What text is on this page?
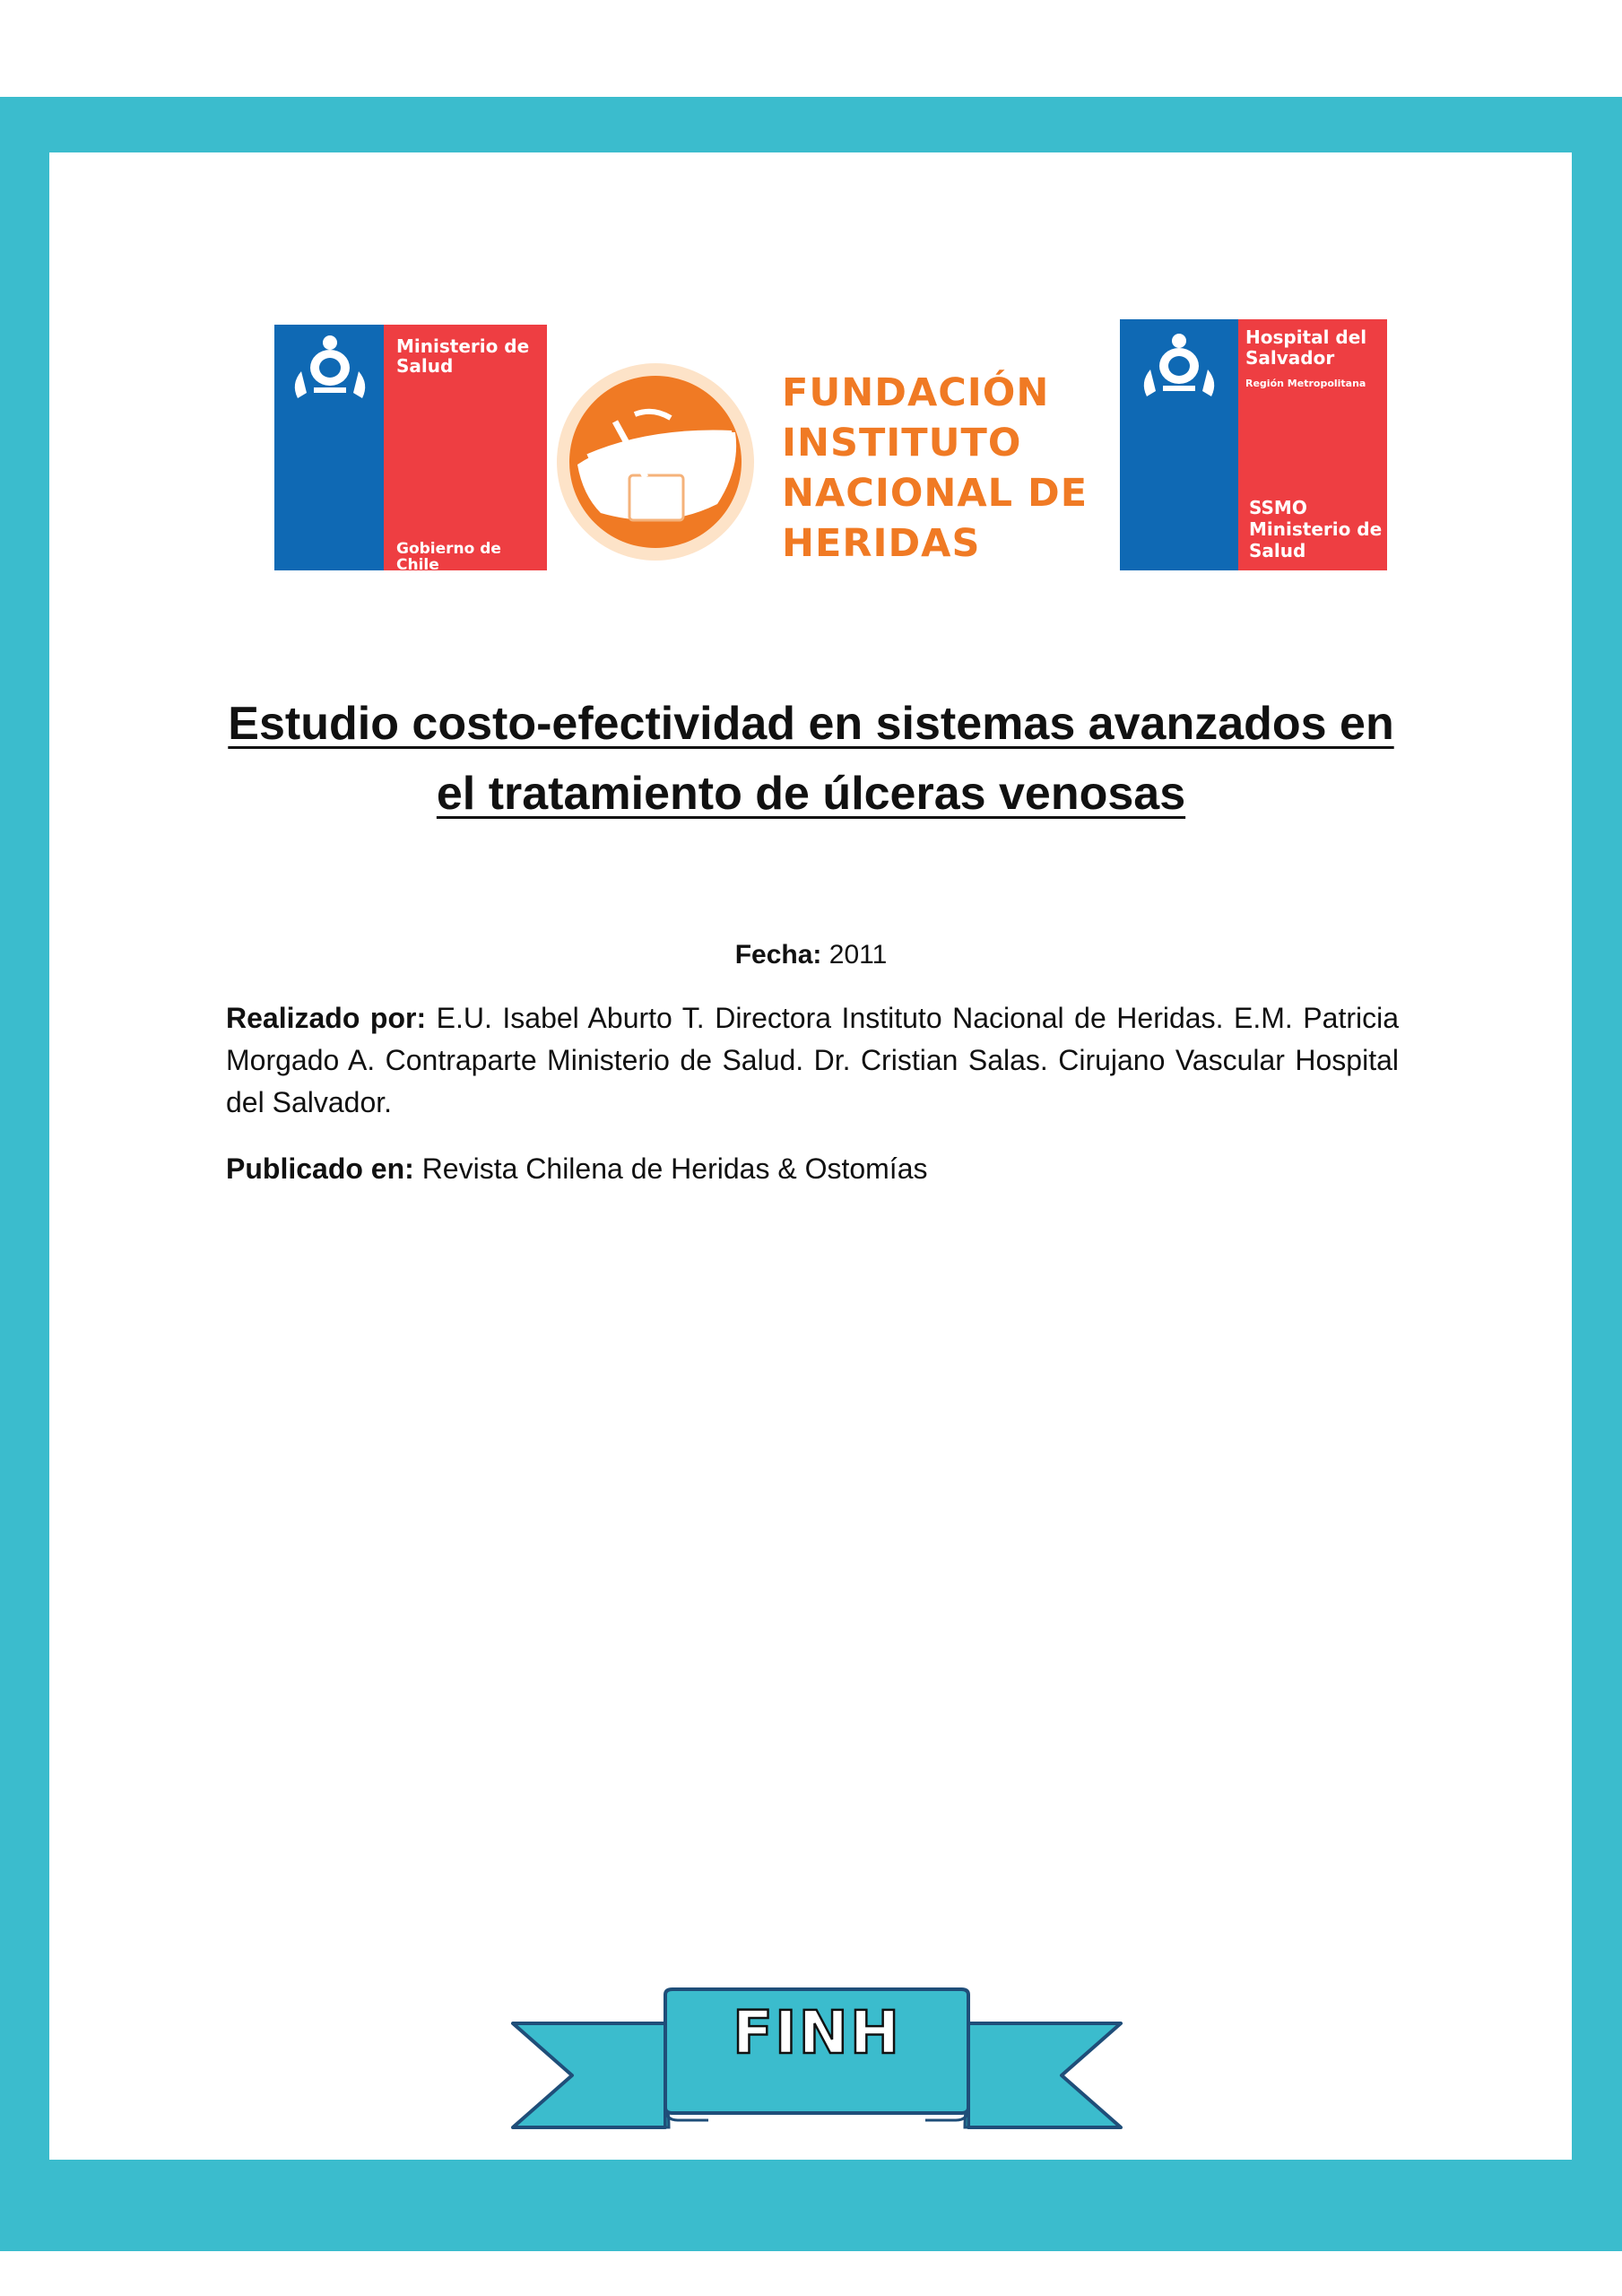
Ministerio de
Salud
Gobierno de Chile
FUNDACIÓN
INSTITUTO
NACIONAL DE
HERIDAS
Hospital del
Salvador
Región Metropolitana
SSMO
Ministerio de
Salud
Estudio costo-efectividad en sistemas avanzados en
el tratamiento de úlceras venosas
Fecha: 2011
Realizado por: E.U. Isabel Aburto T. Directora Instituto Nacional de Heridas. E.M. Patricia Morgado A. Contraparte Ministerio de Salud. Dr. Cristian Salas. Cirujano Vascular Hospital del Salvador.
Publicado en: Revista Chilena de Heridas & Ostomías
FINH
